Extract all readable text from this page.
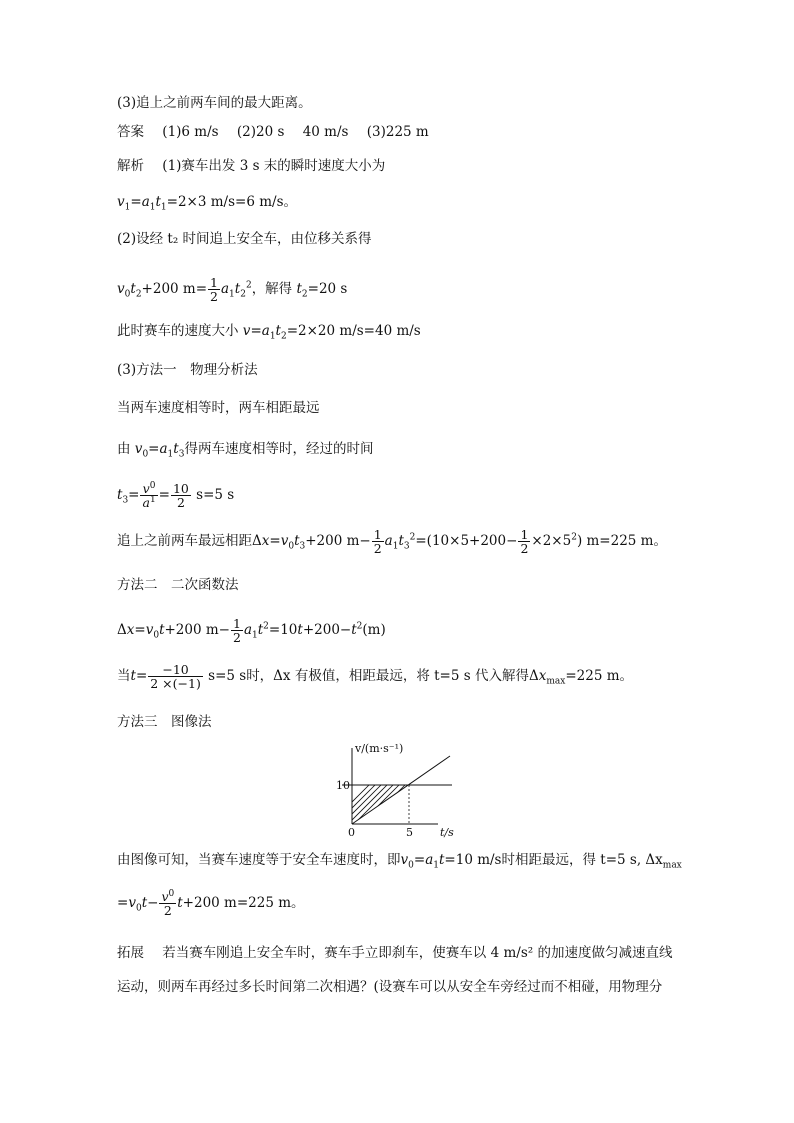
(3)追上之前两车间的最大距离。

答案 (1)6 m/s (2)20 s 40 m/s (3)225 m

解析 (1)赛车出发 3 s 末的瞬时速度大小为

$v_1=a_1t_1=2\times 3$ m/s=6 m/s。

(2)设经 t₂ 时间追上安全车，由位移关系得

$v_0t_2+200$ $m= \frac{1}{2} a_1t_2^2$，解得 $t_2=20$ s

此时赛车的速度大小 $v=a_1t_2=2\times 20$ m/s=40 m/s

(3)方法一　物理分析法

当两车速度相等时，两车相距最远

由 $v_0=a_1t_3$得两车速度相等时，经过的时间

$t_3= \frac{v^0}{a^1} = \frac{10}{2} s=5$ s

追上之前两车最远相距$\Delta x=v_0t_3+200$ $m- \frac{1}{2} a_1t_3^2=(10\times 5+200- \frac{1}{2} \times 2\times 5^2)$ m=225 m。

方法二　二次函数法

$\Delta x=v_0t+200$ $m- \frac{1}{2} a_1t^2=10t+200-t^2(m)$

当$t= \frac{-10}{2 \times(-1)} s=5$ s时，Δx 有极值，相距最远，将 t=5 s 代入解得$\Delta x_{max}=225$ m。

方法三　图像法

v/(m·s⁻¹)
10
0	5 t/s

由图像可知，当赛车速度等于安全车速度时，即$v_0=a_1t=10$ m/s时相距最远，得 t=5 s, $\Delta x_{max}$

$=v_0t- \frac{v^0}{2} t+200$ m=225 m。

拓展 若当赛车刚追上安全车时，赛车手立即刹车，使赛车以 4 m/s² 的加速度做匀减速直线

运动，则两车再经过多长时间第二次相遇？(设赛车可以从安全车旁经过而不相碰，用物理分
